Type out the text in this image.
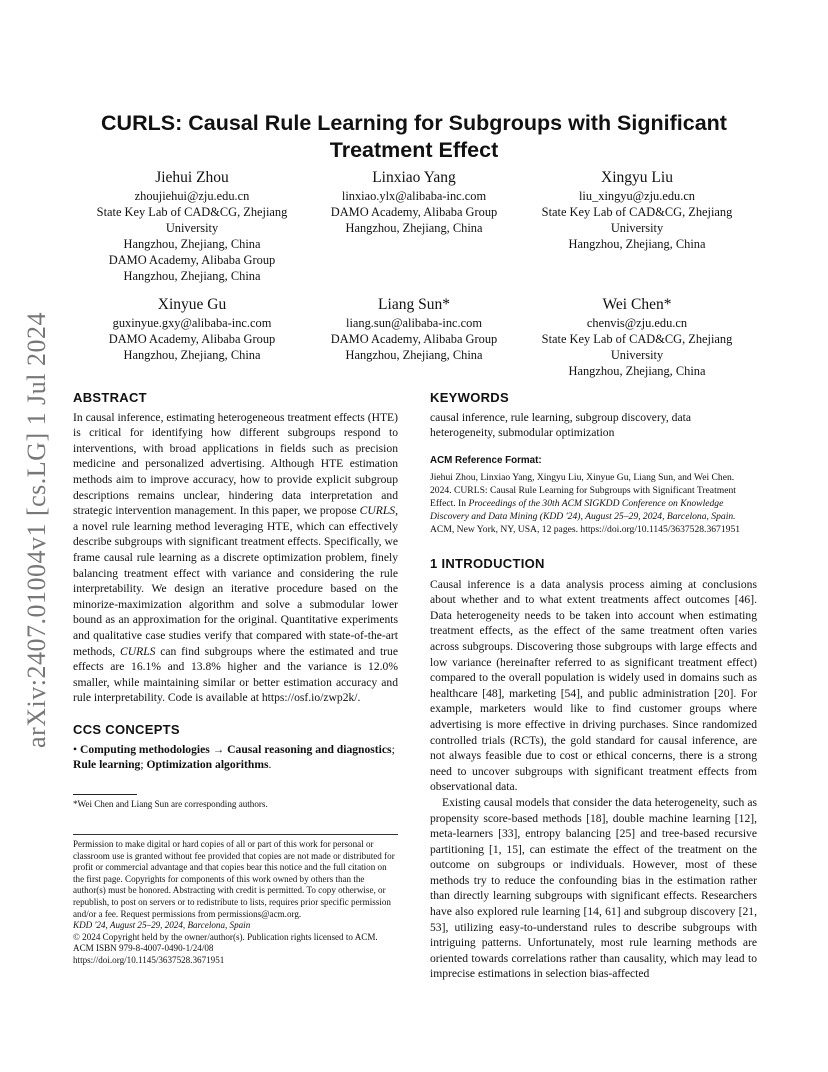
arXiv:2407.01004v1 [cs.LG] 1 Jul 2024
CURLS: Causal Rule Learning for Subgroups with Significant
Treatment Effect
Jiehui Zhou
zhoujiehui@zju.edu.cn
State Key Lab of CAD&CG, Zhejiang
University
Hangzhou, Zhejiang, China
DAMO Academy, Alibaba Group
Hangzhou, Zhejiang, China
Linxiao Yang
linxiao.ylx@alibaba-inc.com
DAMO Academy, Alibaba Group
Hangzhou, Zhejiang, China
Xingyu Liu
liu_xingyu@zju.edu.cn
State Key Lab of CAD&CG, Zhejiang
University
Hangzhou, Zhejiang, China
Xinyue Gu
guxinyue.gxy@alibaba-inc.com
DAMO Academy, Alibaba Group
Hangzhou, Zhejiang, China
Liang Sun*
liang.sun@alibaba-inc.com
DAMO Academy, Alibaba Group
Hangzhou, Zhejiang, China
Wei Chen*
chenvis@zju.edu.cn
State Key Lab of CAD&CG, Zhejiang
University
Hangzhou, Zhejiang, China
ABSTRACT

In causal inference, estimating heterogeneous treatment effects (HTE) is critical for identifying how different subgroups respond to interventions, with broad applications in fields such as precision medicine and personalized advertising. Although HTE estimation methods aim to improve accuracy, how to provide explicit subgroup descriptions remains unclear, hindering data interpretation and strategic intervention management. In this paper, we propose CURLS, a novel rule learning method leveraging HTE, which can effectively describe subgroups with significant treatment effects. Specifically, we frame causal rule learning as a discrete optimization problem, finely balancing treatment effect with variance and considering the rule interpretability. We design an iterative procedure based on the minorize-maximization algorithm and solve a submodular lower bound as an approximation for the original. Quantitative experiments and qualitative case studies verify that compared with state-of-the-art methods, CURLS can find subgroups where the estimated and true effects are 16.1% and 13.8% higher and the variance is 12.0% smaller, while maintaining similar or better estimation accuracy and rule interpretability. Code is available at https://osf.io/zwp2k/.

CCS CONCEPTS

• Computing methodologies → Causal reasoning and diagnostics; Rule learning; Optimization algorithms.

*Wei Chen and Liang Sun are corresponding authors.
Permission to make digital or hard copies of all or part of this work for personal or classroom use is granted without fee provided that copies are not made or distributed for profit or commercial advantage and that copies bear this notice and the full citation on the first page. Copyrights for components of this work owned by others than the author(s) must be honored. Abstracting with credit is permitted. To copy otherwise, or republish, to post on servers or to redistribute to lists, requires prior specific permission and/or a fee. Request permissions from permissions@acm.org.
KDD '24, August 25–29, 2024, Barcelona, Spain
© 2024 Copyright held by the owner/author(s). Publication rights licensed to ACM.
ACM ISBN 979-8-4007-0490-1/24/08
https://doi.org/10.1145/3637528.3671951
KEYWORDS

causal inference, rule learning, subgroup discovery, data heterogeneity, submodular optimization

ACM Reference Format:
Jiehui Zhou, Linxiao Yang, Xingyu Liu, Xinyue Gu, Liang Sun, and Wei Chen. 2024. CURLS: Causal Rule Learning for Subgroups with Significant Treatment Effect. In Proceedings of the 30th ACM SIGKDD Conference on Knowledge Discovery and Data Mining (KDD '24), August 25–29, 2024, Barcelona, Spain. ACM, New York, NY, USA, 12 pages. https://doi.org/10.1145/3637528.3671951
1 INTRODUCTION

Causal inference is a data analysis process aiming at conclusions about whether and to what extent treatments affect outcomes [46]. Data heterogeneity needs to be taken into account when estimating treatment effects, as the effect of the same treatment often varies across subgroups. Discovering those subgroups with large effects and low variance (hereinafter referred to as significant treatment effect) compared to the overall population is widely used in domains such as healthcare [48], marketing [54], and public administration [20]. For example, marketers would like to find customer groups where advertising is more effective in driving purchases. Since randomized controlled trials (RCTs), the gold standard for causal inference, are not always feasible due to cost or ethical concerns, there is a strong need to uncover subgroups with significant treatment effects from observational data.

Existing causal models that consider the data heterogeneity, such as propensity score-based methods [18], double machine learning [12], meta-learners [33], entropy balancing [25] and tree-based recursive partitioning [1, 15], can estimate the effect of the treatment on the outcome on subgroups or individuals. However, most of these methods try to reduce the confounding bias in the estimation rather than directly learning subgroups with significant effects. Researchers have also explored rule learning [14, 61] and subgroup discovery [21, 53], utilizing easy-to-understand rules to describe subgroups with intriguing patterns. Unfortunately, most rule learning methods are oriented towards correlations rather than causality, which may lead to imprecise estimations in selection bias-affected
